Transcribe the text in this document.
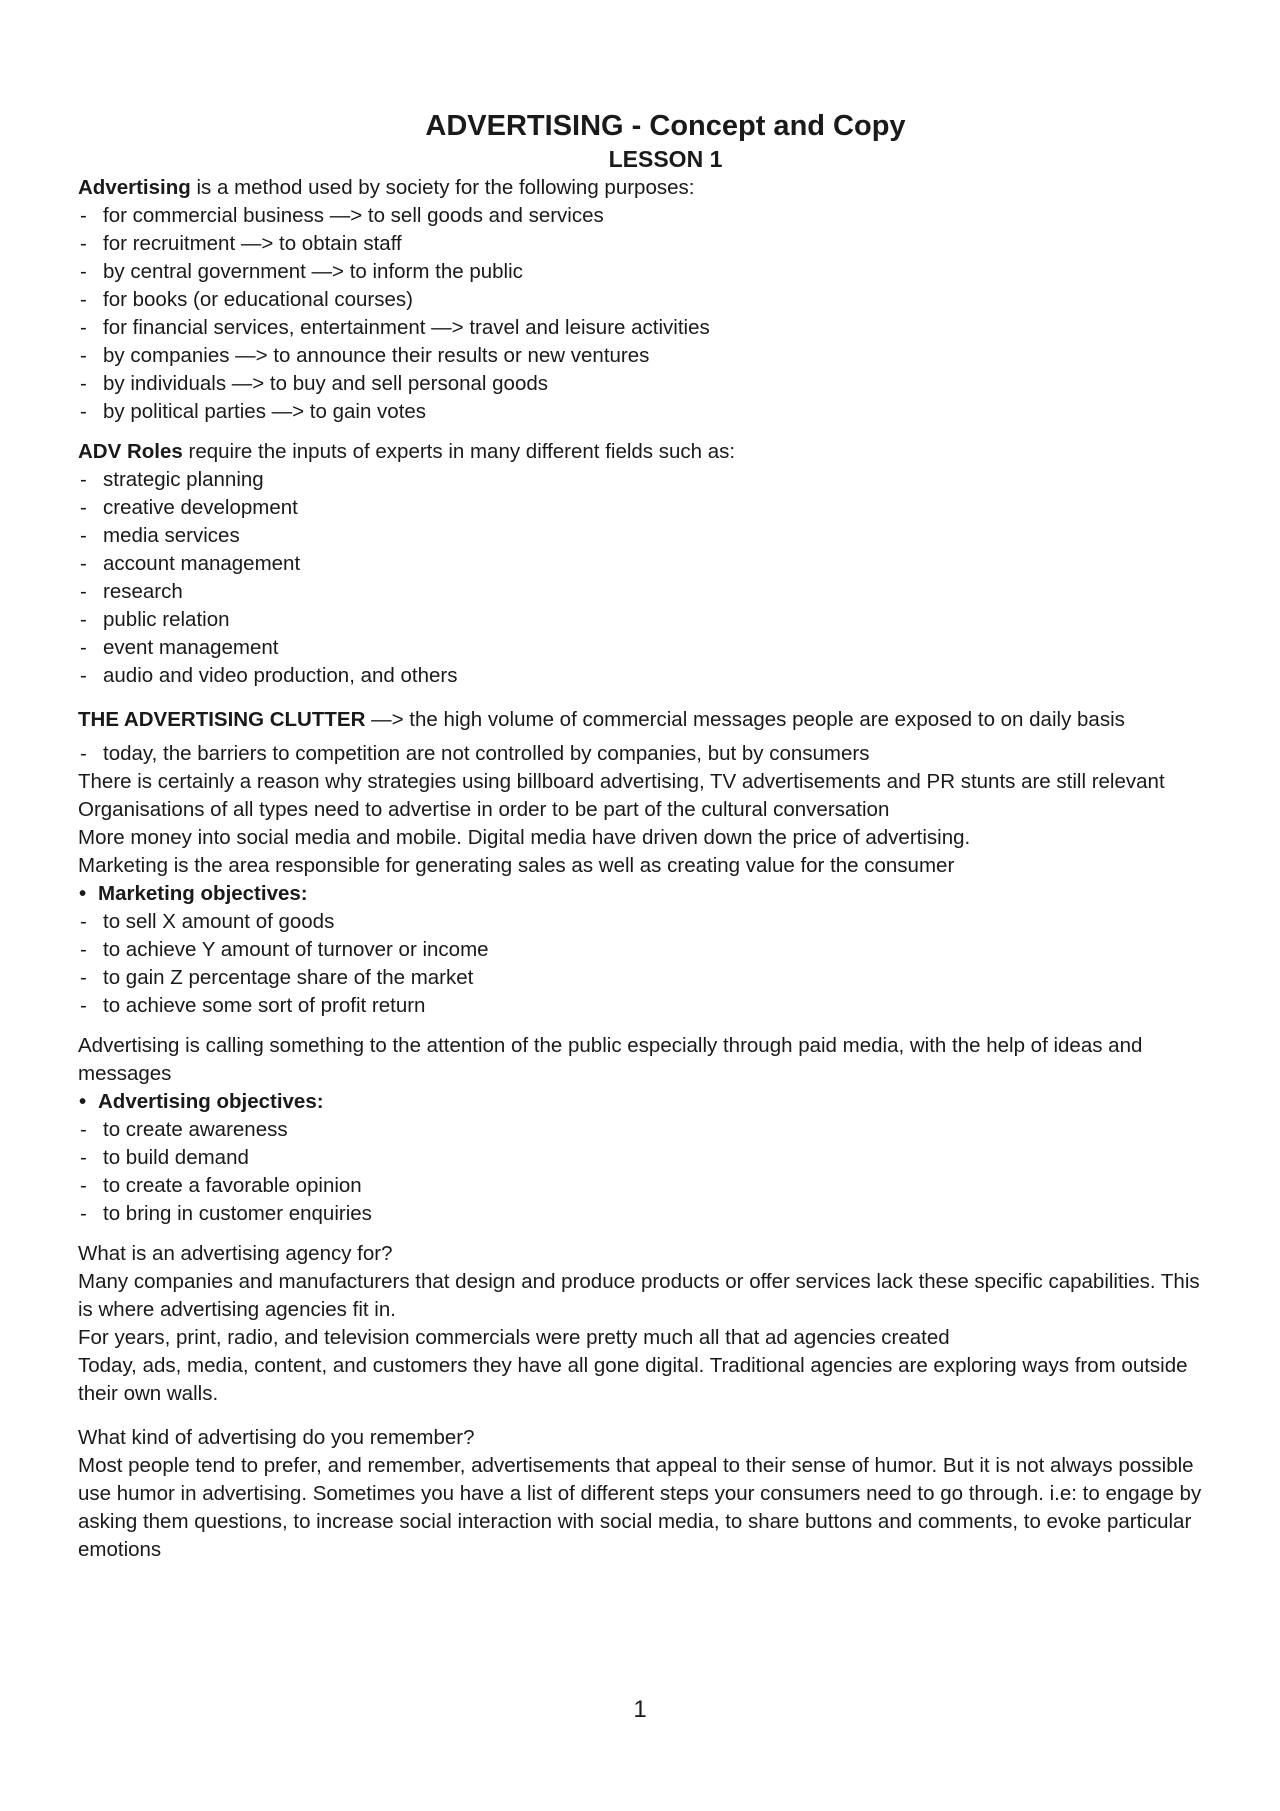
ADVERTISING - Concept and Copy
LESSON 1

Advertising is a method used by society for the following purposes:

- for commercial business —> to sell goods and services
- for recruitment —> to obtain staff
- by central government —> to inform the public
- for books (or educational courses)
- for financial services, entertainment —> travel and leisure activities
- by companies —> to announce their results or new ventures
- by individuals —> to buy and sell personal goods
- by political parties —> to gain votes

ADV Roles require the inputs of experts in many different fields such as:

- strategic planning
- creative development
- media services
- account management
- research
- public relation
- event management
- audio and video production, and others

THE ADVERTISING CLUTTER —> the high volume of commercial messages people are exposed to on daily basis

- today, the barriers to competition are not controlled by companies, but by consumers

There is certainly a reason why strategies using billboard advertising, TV advertisements and PR stunts are still relevant

Organisations of all types need to advertise in order to be part of the cultural conversation

More money into social media and mobile. Digital media have driven down the price of advertising.

Marketing is the area responsible for generating sales as well as creating value for the consumer

• Marketing objectives:
- to sell X amount of goods
- to achieve Y amount of turnover or income
- to gain Z percentage share of the market
- to achieve some sort of profit return

Advertising is calling something to the attention of the public especially through paid media, with the help of ideas and messages

• Advertising objectives:
- to create awareness
- to build demand
- to create a favorable opinion
- to bring in customer enquiries

What is an advertising agency for?

Many companies and manufacturers that design and produce products or offer services lack these specific capabilities. This is where advertising agencies fit in.

For years, print, radio, and television commercials were pretty much all that ad agencies created

Today, ads, media, content, and customers they have all gone digital. Traditional agencies are exploring ways from outside their own walls.

What kind of advertising do you remember?

Most people tend to prefer, and remember, advertisements that appeal to their sense of humor. But it is not always possible use humor in advertising. Sometimes you have a list of different steps your consumers need to go through. i.e: to engage by asking them questions, to increase social interaction with social media, to share buttons and comments, to evoke particular emotions

1
